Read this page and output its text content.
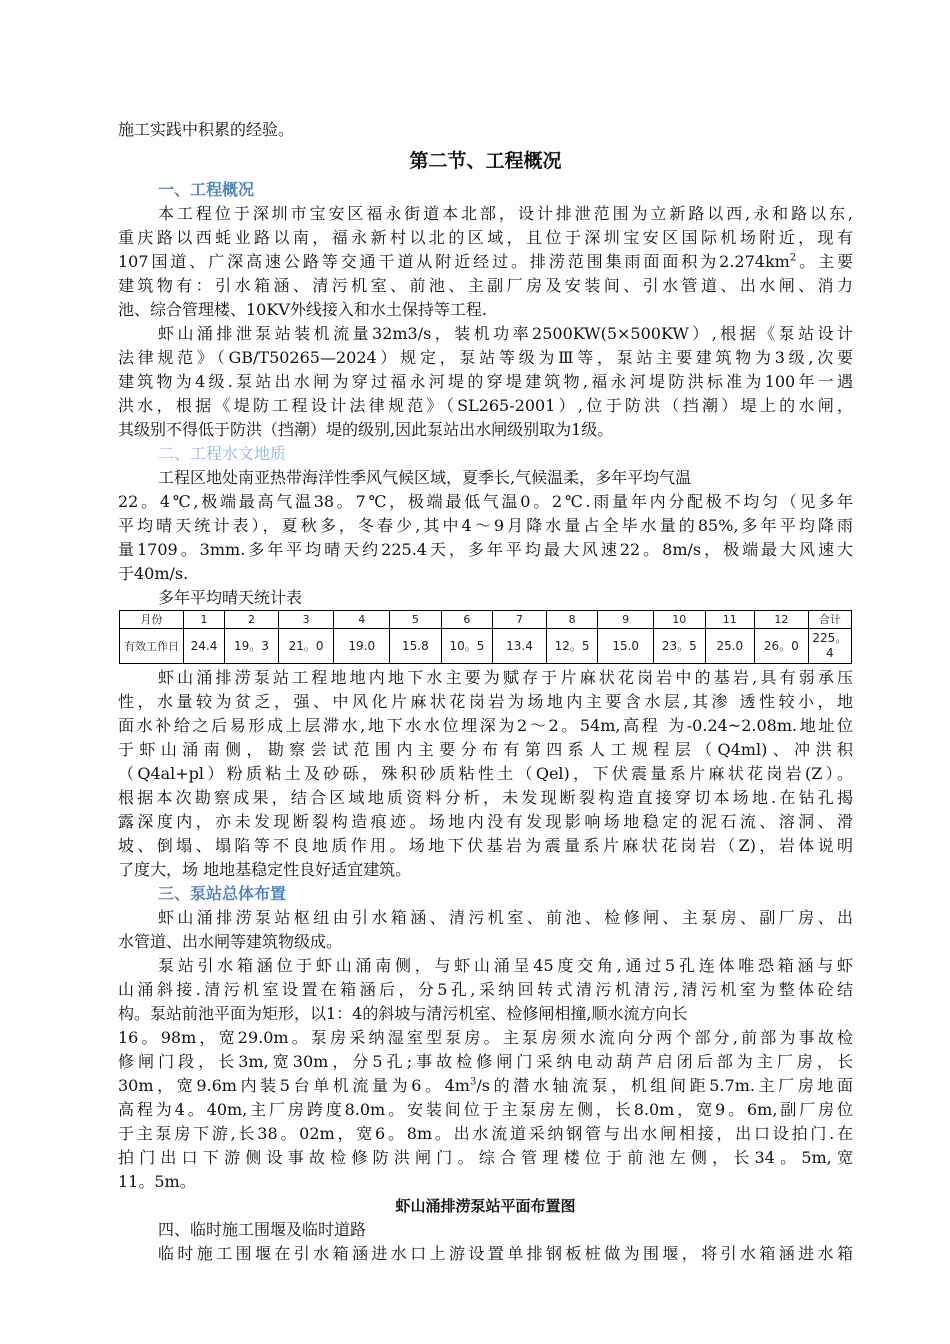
施工实践中积累的经验。
第二节、工程概况
一、工程概况
本工程位于深圳市宝安区福永街道本北部，设计排泄范围为立新路以西,永和路以东,
重庆路以西蚝业路以南，福永新村以北的区域，且位于深圳宝安区国际机场附近，现有
107国道、广深高速公路等交通干道从附近经过。排涝范围集雨面面积为$2.274km^2$。主要
建筑物有：引水箱涵、清污机室、前池、主副厂房及安装间、引水管道、出水闸、消力
池、综合管理楼、10KV外线接入和水土保持等工程.
虾山涌排泄泵站装机流量32m3/s，装机功率2500KW(5×500KW）,根据《泵站设计
法律规范》（GB/T50265—2024）规定，泵站等级为Ⅲ等，泵站主要建筑物为3级,次要
建筑物为4级.泵站出水闸为穿过福永河堤的穿堤建筑物,福永河堤防洪标准为100年一遇
洪水，根据《堤防工程设计法律规范》（SL265-2001）,位于防洪（挡潮）堤上的水闸，
其级别不得低于防洪（挡潮）堤的级别,因此泵站出水闸级别取为1级。
二、工程水文地质
工程区地处南亚热带海洋性季风气候区域，夏季长,气候温柔，多年平均气温
22。4℃,极端最高气温38。7℃，极端最低气温0。2℃.雨量年内分配极不均匀（见多年
平均晴天统计表），夏秋多，冬春少,其中4～9月降水量占全毕水量的85%,多年平均降雨
量1709。3mm.多年平均晴天约225.4天，多年平均最大风速22。8m/s，极端最大风速大
于40m/s.
多年平均晴天统计表
月份	1	2	3	4	5	6	7	8	9	10	11	12	合计
有效工作日	24.4	19。3	21。0	19.0	15.8	10。5	13.4	12。5	15.0	23。5	25.0	26。0	225。4
虾山涌排涝泵站工程地地内地下水主要为赋存于片麻状花岗岩中的基岩,具有弱承压
性，水量较为贫乏，强、中风化片麻状花岗岩为场地内主要含水层,其渗 透性较小，地
面水补给之后易形成上层滞水,地下水水位埋深为2～2。54m,高程 为-0.24~2.08m.地址位
于虾山涌南侧，勘察尝试范围内主要分布有第四系人工规程层（Q4ml)、冲洪积
（Q4al+pl）粉质粘土及砂砾，殊积砂质粘性土（Qel)，下伏震量系片麻状花岗岩(Z）。
根据本次勘察成果，结合区域地质资料分析，未发现断裂构造直接穿切本场地.在钻孔揭
露深度内，亦未发现断裂构造痕迹。场地内没有发现影响场地稳定的泥石流、溶洞、滑
坡、倒塌、塌陷等不良地质作用。场地下伏基岩为震量系片麻状花岗岩（Z)，岩体说明
了度大，场 地地基稳定性良好适宜建筑。
三、泵站总体布置
虾山涌排涝泵站枢纽由引水箱涵、清污机室、前池、检修闸、主泵房、副厂房、出
水管道、出水闸等建筑物级成。
泵站引水箱涵位于虾山涌南侧，与虾山涌呈45度交角,通过5孔连体唯恐箱涵与虾
山涌斜接.清污机室设置在箱涵后，分5孔,采纳回转式清污机清污,清污机室为整体砼结
构。泵站前池平面为矩形，以1：4的斜坡与清污机室、检修闸相撞,顺水流方向长
16。98m，宽29.0m。泵房采纳湿室型泵房。主泵房须水流向分两个部分,前部为事故检
修闸门段，长3m,宽30m，分5孔;事故检修闸门采纳电动葫芦启闭后部为主厂房，长
30m，宽9.6m内装5台单机流量为6。$4m^3/s$的潜水轴流泵，机组间距5.7m.主厂房地面
高程为4。40m,主厂房跨度8.0m。安装间位于主泵房左侧，长8.0m，宽9。6m,副厂房位
于主泵房下游,长38。02m，宽6。8m。出水流道采纳钢管与出水闸相接，出口设拍门.在
拍门出口下游侧设事故检修防洪闸门。综合管理楼位于前池左侧，长34。5m,宽
11。5m。
虾山涌排涝泵站平面布置图
四、临时施工围堰及临时道路
临时施工围堰在引水箱涵进水口上游设置单排钢板桩做为围堰，将引水箱涵进水箱
